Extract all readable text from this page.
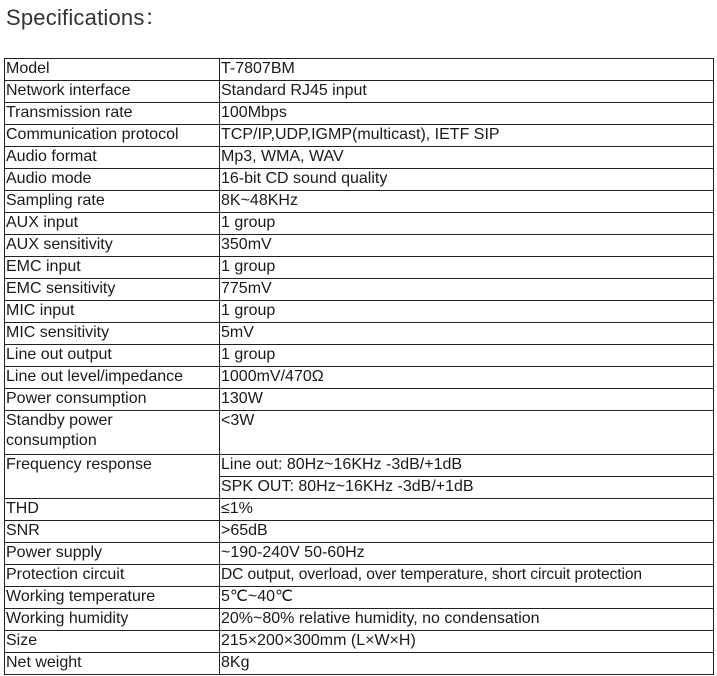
Specifications：
Model	T-7807BM
Network interface	Standard RJ45 input
Transmission rate	100Mbps
Communication protocol	TCP/IP,UDP,IGMP(multicast), IETF SIP
Audio format	Mp3, WMA, WAV
Audio mode	16-bit CD sound quality
Sampling rate	8K~48KHz
AUX input	1 group
AUX sensitivity	350mV
EMC input	1 group
EMC sensitivity	775mV
MIC input	1 group
MIC sensitivity	5mV
Line out output	1 group
Line out level/impedance	1000mV/470Ω
Power consumption	130W
Standby power consumption	<3W
Frequency response	Line out: 80Hz~16KHz -3dB/+1dB
SPK OUT: 80Hz~16KHz -3dB/+1dB

THD	≤1%
SNR	>65dB
Power supply	~190-240V 50-60Hz
Protection circuit	DC output, overload, over temperature, short circuit protection
Working temperature	5℃~40℃
Working humidity	20%~80% relative humidity, no condensation
Size	215×200×300mm (L×W×H)
Net weight	8Kg
